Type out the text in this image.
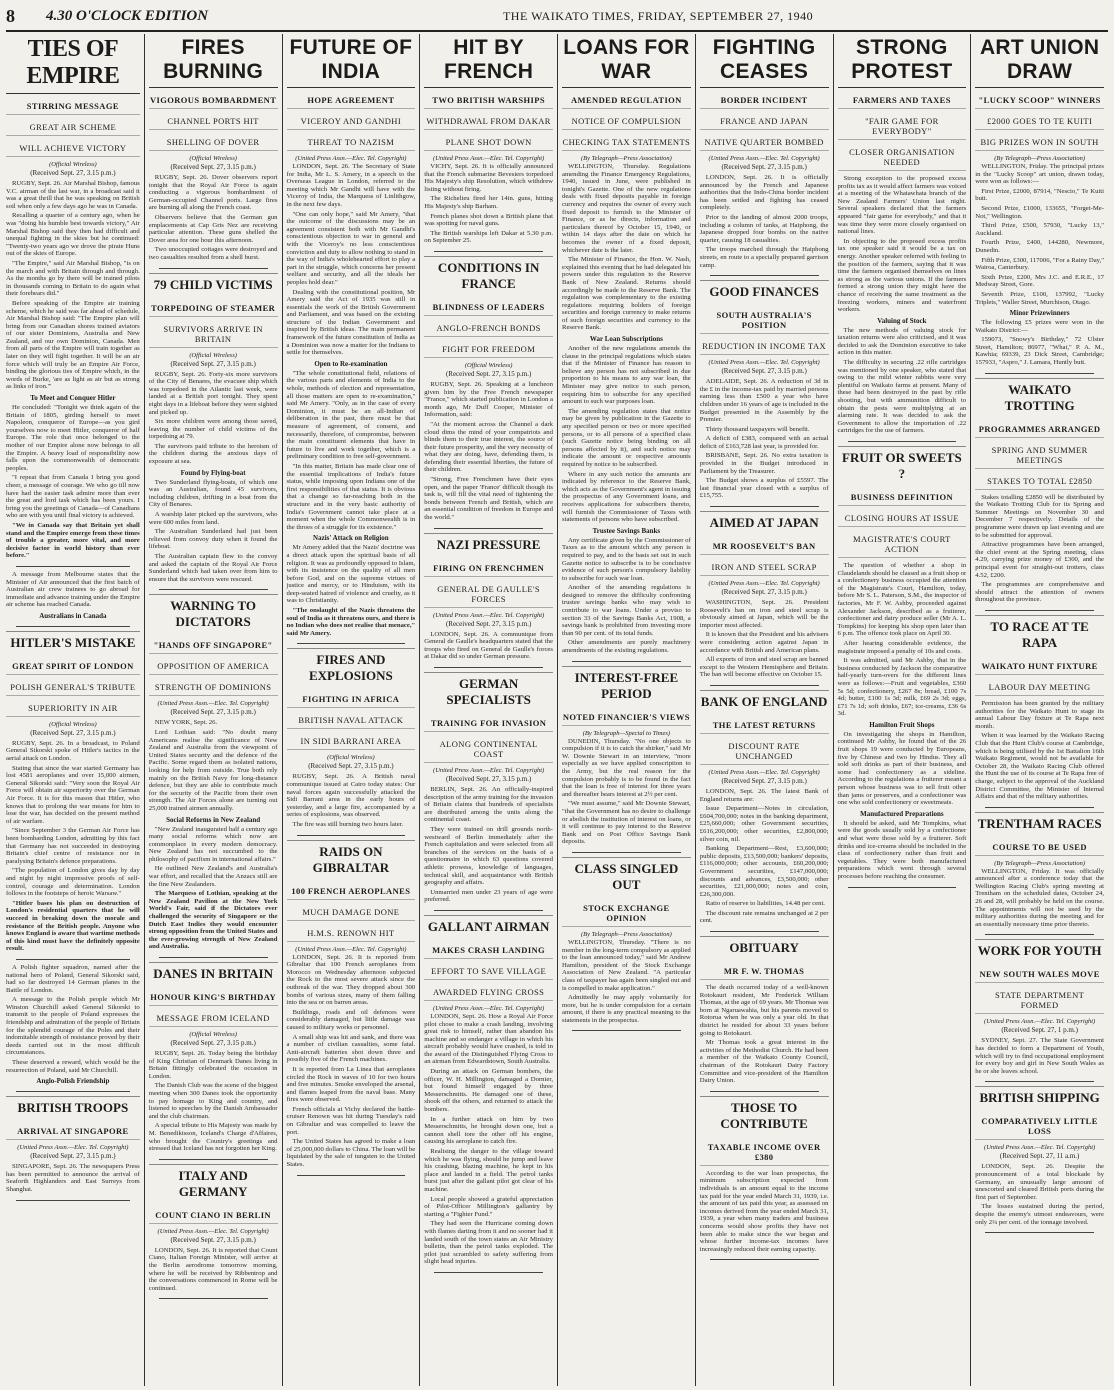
8	4.30 O'CLOCK EDITION	THE WAIKATO TIMES, FRIDAY, SEPTEMBER 27, 1940
TIES OF EMPIRE
STIRRING MESSAGE
GREAT AIR SCHEME
WILL ACHIEVE VICTORY
(Official Wireless)
(Received Sept. 27, 3.15 p.m.)

RUGBY, Sept. 26. Air Marshal Bishop, famous V.C. airman of the last war, in a broadcast said it was a great thrill that he was speaking on British soil when only a few days ago he was in Canada.

Recalling a quarter of a century ago, when he was "doing his humble best towards victory," Air Marshal Bishop said they then had difficult and unequal fighting in the skies but he continued: "Twenty-two years ago we drove the pirate Huns out of the skies of Europe.

"The Empire," said Air Marshal Bishop, "is on the march and with Britain through and through. As the months go by there will be trained pilots in thousands coming to Britain to do again what their forebears did."

Before speaking of the Empire air training scheme, which he said was far ahead of schedule, Air Marshal Bishop said: "The Empire plan will bring from our Canadian shores trained aviators of our sister Dominions, Australia and New Zealand, and our own Dominion, Canada. Men from all parts of the Empire will train together as later on they will fight together. It will be an air force which will truly be an Empire Air Force, binding the glorious ties of Empire which, in the words of Burke, 'are as light as air but as strong as links of iron.'"

To Meet and Conquer Hitler

He concluded: "Tonight we think again of the Britain of 1805, girding herself to meet Napoleon, conqueror of Europe—as you gird yourselves now to meet Hitler, conqueror of half Europe. The role that once belonged to the mother of our Empire alone now belongs to all the Empire. A heavy load of responsibility now falls upon the commonwealth of democratic peoples.

"I repeat that from Canada I bring you good cheer, a message of courage. We who go till now have had the easier task admire more than ever the great and lord task which has been yours. I bring you the greetings of Canada—of Canadians who are with you until final victory is achieved.

"We in Canada say that Britain yet shall stand and the Empire emerge from these times of trouble a greater, more vital, and more decisive factor in world history than ever before."

A message from Melbourne states that the Minister of Air announced that the first batch of Australian air crew trainees to go abroad for immediate and advance training under the Empire air scheme has reached Canada.

Australians in Canada
HITLER'S MISTAKE
GREAT SPIRIT OF LONDON
POLISH GENERAL'S TRIBUTE
SUPERIORITY IN AIR
(Official Wireless)
(Received Sept. 27, 3.15 p.m.)

RUGBY, Sept. 26. In a broadcast, to Poland General Sikorski spoke of Hitler's tactics in the aerial attack on London.

Stating that since the war started Germany has lost 4581 aeroplanes and over 15,000 airmen, General Sikorski said: "Very soon the Royal Air Force will obtain air superiority over the German Air Force. It is for this reason that Hitler, who knows that to prolong the war means for him to lose the war, has decided on the present method of air warfare.

"Since September 3 the German Air Force has been bombarding London, admitting by this fact that Germany has not succeeded in destroying Britain's chief centre of resistance nor in paralysing Britain's defence preparations.

"The population of London gives day by day and night by night impressive proofs of self-control, courage and determination. London follows in the footsteps of heroic Warsaw."

"Hitler bases his plan on destruction of London's residential quarters that he will succeed in breaking down the morale and resistance of the British people. Anyone who knows England is aware that wartime methods of this kind must have the definitely opposite result.

A Polish fighter squadron, named after the national hero of Poland, General Sikorski said, had so far destroyed 14 German planes in the Battle of London.

A message to the Polish people which Mr Winston Churchill asked General Sikorski to transmit to the people of Poland expresses the friendship and admiration of the people of Britain for the splendid courage of the Poles and their indomitable strength of resistance proved by their deeds carried out in the most difficult circumstances.

These deserved a reward, which would be the resurrection of Poland, said Mr Churchill.

Anglo-Polish Friendship
BRITISH TROOPS
ARRIVAL AT SINGAPORE
(United Press Assn.—Elec. Tel. Copyright)
(Received Sept. 27, 3.15 p.m.)

SINGAPORE, Sept. 26. The newspapers Press has been permitted to announce the arrival of Seaforth Highlanders and East Surreys from Shanghai.

FIRES BURNING
VIGOROUS BOMBARDMENT
CHANNEL PORTS HIT
SHELLING OF DOVER
(Official Wireless)
(Received Sept. 27, 3.15 p.m.)

RUGBY, Sept. 26. Dover observers report tonight that the Royal Air Force is again conducting a vigorous bombardment of German-occupied Channel ports. Large fires are burning all along the French coast.

Observers believe that the German gun emplacements at Cap Gris Nez are receiving particular attention. These guns shelled the Dover area for one hour this afternoon.

Two unoccupied cottages were destroyed and two casualties resulted from a shell burst.

79 CHILD VICTIMS
TORPEDOING OF STEAMER
SURVIVORS ARRIVE IN BRITAIN
(Official Wireless)
(Received Sept. 27, 3.15 p.m.)

RUGBY, Sept. 26. Forty-six more survivors of the City of Benares, the evacuee ship which was torpedoed in the Atlantic last week, were landed at a British port tonight. They spent eight days in a lifeboat before they were sighted and picked up.

Six more children were among those saved, leaving the number of child victims of the torpedoing at 79.

The survivors paid tribute to the heroism of the children during the anxious days of exposure at sea.

Found by Flying-boat

Two Sunderland flying-boats, of which one was an Australian, found 45 survivors, including children, drifting in a boat from the City of Benares.

A warship later picked up the survivors, who were 600 miles from land.

The Australian Sunderland had just been relieved from convoy duty when it found the lifeboat.

The Australian captain flew to the convoy and asked the captain of the Royal Air Force Sunderland which had taken over from him to ensure that the survivors were rescued.

WARNING TO DICTATORS
"HANDS OFF SINGAPORE"
OPPOSITION OF AMERICA
STRENGTH OF DOMINIONS
(United Press Assn.—Elec. Tel. Copyright)
(Received Sept. 27, 3.15 p.m.)

NEW YORK, Sept. 26.

Lord Lothian said: "No doubt many Americans realise the significance of New Zealand and Australia from the viewpoint of United States security and the defence of the Pacific. Some regard them as isolated nations, looking for help from outside. True both rely mainly on the British Navy for long-distance defence, but they are able to contribute much for the security of the Pacific from their own strength. The Air Forces alone are turning out 25,000 trained airmen annually.

Social Reforms in New Zealand

"New Zealand inaugurated half a century ago many social reforms which now are commonplace in every modern democracy. New Zealand has not succumbed to the philosophy of pacifism in international affairs."

He outlined New Zealand's and Australia's war effort, and recalled that the Anzacs still are the fine New Zealanders.

The Marquess of Lothian, speaking at the New Zealand Pavilion at the New York World's Fair, said if the Dictators ever challenged the security of Singapore or the Dutch East Indies they would encounter strong opposition from the United States and the ever-growing strength of New Zealand and Australia.

DANES IN BRITAIN
HONOUR KING'S BIRTHDAY
MESSAGE FROM ICELAND
(Official Wireless)
(Received Sept. 27, 3.15 p.m.)

RUGBY, Sept. 26. Today being the birthday of King Christian of Denmark Danes living in Britain fittingly celebrated the occasion in London.

The Danish Club was the scene of the biggest meeting when 300 Danes took the opportunity to pay homage to King and country, and listened to speeches by the Danish Ambassador and the club chairman.

A special tribute to His Majesty was made by M. Benediktsson, Iceland's Charge d'Affaires, who brought the Country's greetings and stressed that Iceland has not forgotten her King.

ITALY AND GERMANY
COUNT CIANO IN BERLIN
(United Press Assn.—Elec. Tel. Copyright)
(Received Sept. 27, 3.15 p.m.)

LONDON, Sept. 26. It is reported that Count Ciano, Italian Foreign Minister, will arrive at the Berlin aerodrome tomorrow morning, where he will be received by Ribbentrop and the conversations commenced in Rome will be continued.

FUTURE OF INDIA
HOPE AGREEMENT
VICEROY AND GANDHI
THREAT TO NAZISM
(United Press Assn.—Elec. Tel. Copyright)

LONDON, Sept. 26. The Secretary of State for India, Mr L. S. Amery, in a speech to the Overseas League in London, referred to the meeting which Mr Gandhi will have with the Viceroy of India, the Marquess of Linlithgow, in the next few days.

"One can only hope," said Mr Amery, "that the outcome of the discussions may be an agreement consistent both with Mr Gandhi's conscientious objection to war in general and with the Viceroy's no less conscientious conviction and duty to allow nothing to stand in the way of India's wholehearted effort to play a part in the struggle, which concerns her present welfare and security, and all the ideals her peoples hold dear."

Dealing with the constitutional position, Mr Amery said the Act of 1935 was still in essentials the work of the British Government and Parliament, and was based on the existing structure of the Indian Government and inspired by British ideas. The main permanent framework of the future constitution of India as a Dominion was now a matter for the Indians to settle for themselves.

Open to Re-examination

"The whole constitutional field, relations of the various parts and elements of India to the whole, methods of election and representation, all those matters are open to re-examination," said Mr Amery. "Only, as in the case of every Dominion, it must be an all-Indian of deliberation in the past, there must be that measure of agreement, of consent, and necessarily, therefore, of compromise, between the main constituent elements that have in future to live and work together, which is a preliminary condition to free self-government.

"In this matter, Britain has made clear one of the essential implications of India's future status, while imposing upon Indians one of the first responsibilities of that status. It is obvious that a change so far-reaching both in the structure and in the very basic authority of India's Government cannot take place at a moment when the whole Commonwealth is in the throes of a struggle for its existence."

Nazis' Attack on Religion

Mr Amery added that the Nazis' doctrine was a direct attack upon the spiritual basis of all religion. It was as profoundly opposed to Islam, with its insistence on the quality of all men before God, and on the supreme virtues of justice and mercy, or to Hinduism, with its deep-seated hatred of violence and cruelty, as it was to Christianity.

"The onslaught of the Nazis threatens the soul of India as it threatens ours, and there is no Indian who does not realise that menace," said Mr Amery.

FIRES AND EXPLOSIONS
FIGHTING IN AFRICA
BRITISH NAVAL ATTACK
IN SIDI BARRANI AREA
(Official Wireless)
(Received Sept. 27, 3.15 p.m.)

RUGBY, Sept. 26. A British naval communique issued at Cairo today states: Our naval forces again successfully attacked the Sidi Barrani area in the early hours of yesterday, and a large fire, accompanied by a series of explosions, was observed.

The fire was still burning two hours later.

RAIDS ON GIBRALTAR
100 FRENCH AEROPLANES
MUCH DAMAGE DONE
H.M.S. RENOWN HIT
(United Press Assn.—Elec. Tel. Copyright)

LONDON, Sept. 26. It is reported from Gibraltar that 100 French aeroplanes from Morocco on Wednesday afternoon subjected the Rock to the most severe attack since the outbreak of the war. They dropped about 300 bombs of various sizes, many of them falling into the sea or on barren areas.

Buildings, roads and oil defences were considerably damaged, but little damage was caused to military works or personnel.

A small ship was hit and sank, and there was a number of civilian casualties, some fatal. Anti-aircraft batteries shot down three and possibly five of the French machines.

It is reported from La Linea that aeroplanes circled the Rock in waves of 10 for two hours and five minutes. Smoke enveloped the arsenal, and flames leaped from the naval base. Many fires were observed.

French officials at Vichy declared the battle-cruiser Renown was hit during Tuesday's raid on Gibraltar and was compelled to leave the port.

The United States has agreed to make a loan of 25,000,000 dollars to China. The loan will be liquidated by the sale of tungsten to the United States.

HIT BY FRENCH
TWO BRITISH WARSHIPS
WITHDRAWAL FROM DAKAR
PLANE SHOT DOWN
(United Press Assn.—Elec. Tel. Copyright)

VICHY, Sept. 26. It is officially announced that the French submarine Bevesiers torpedoed His Majesty's ship Resolution, which withdrew listing without firing.

The Richelieu fired her 14in. guns, hitting His Majesty's ship Barham.

French planes shot down a British plane that was spotting for naval guns.

The British warships left Dakar at 5.30 p.m. on September 25.

CONDITIONS IN FRANCE
BLINDNESS OF LEADERS
ANGLO-FRENCH BONDS
FIGHT FOR FREEDOM
(Official Wireless)
(Received Sept. 27, 3.15 p.m.)

RUGBY, Sept. 26. Speaking at a luncheon given him by the Free French newspaper "France," which started publication in London a month ago, Mr Duff Cooper, Minister of Information, said:

"At the moment across the Channel a dark cloud dims the mind of your compatriots and blinds them to their true interest, the source of their future prosperity, and the very necessity of what they are doing, have, defending them, is defending their essential liberties, the future of their children.

"Strong, Free Frenchmen have their eyes open, and the paper 'France' difficult though its task is, will fill the vital need of tightening the bonds between French and British, which are an essential condition of freedom in Europe and the world."

NAZI PRESSURE
FIRING ON FRENCHMEN
GENERAL DE GAULLE'S FORCES
(United Press Assn.—Elec. Tel. Copyright)
(Received Sept. 27, 3.15 p.m.)

LONDON, Sept. 26. A communique from General de Gaulle's headquarters stated that the troops who fired on General de Gaulle's forces at Dakar did so under German pressure.

GERMAN SPECIALISTS
TRAINING FOR INVASION
ALONG CONTINENTAL COAST
(United Press Assn.—Elec. Tel. Copyright)
(Received Sept. 27, 3.15 p.m.)

BERLIN, Sept. 26. An officially-inspired description of the army training for the invasion of Britain claims that hundreds of specialists are distributed among the units along the continental coast.

They were trained on drill grounds north-westward of Berlin immediately after the French capitulation and were selected from all branches of the services on the basis of a questionnaire in which 63 questions covered athletic prowess, knowledge of languages, technical skill, and acquaintance with British geography and affairs.

Unmarried men under 23 years of age were preferred.

GALLANT AIRMAN
MAKES CRASH LANDING
EFFORT TO SAVE VILLAGE
AWARDED FLYING CROSS
(United Press Assn.—Elec. Tel. Copyright)

LONDON, Sept. 26. How a Royal Air Force pilot chose to make a crash landing, involving great risk to himself, rather than abandon his machine and so endanger a village in which his aircraft probably would have crashed, is told in the award of the Distinguished Flying Cross to an airman from Edwardstown, South Australia.

During an attack on German bombers, the officer, W. H. Millington, damaged a Dornier, but found himself engaged by three Messerschmitts. He damaged one of these, shook off the others, and returned to attack the bombers.

In a further attack on him by two Messerschmitts, he brought down one, but a cannon shell tore the other off his engine, causing his aeroplane to catch fire.

Realising the danger to the village toward which he was flying, should he jump and leave his crashing, blazing machine, he kept in his place and landed in a field. The petrol tanks burst just after the gallant pilot got clear of his machine.

Local people showed a grateful appreciation of Pilot-Officer Millington's gallantry by starting a "Fighter Fund."

They had seen the Hurricane coming down with flames darting from it and no sooner had it landed south of the town states an Air Ministry bulletin, than the petrol tanks exploded. The pilot just scrambled to safety suffering from slight head injuries.

LOANS FOR WAR
AMENDED REGULATION
NOTICE OF COMPULSION
CHECKING TAX STATEMENTS
(By Telegraph—Press Association)

WELLINGTON, Thursday. Regulations amending the Finance Emergency Regulations, 1940, issued in June, were published in tonight's Gazette. One of the new regulations deals with fixed deposits payable in foreign currency and requires the owner of every such fixed deposit to furnish to the Minister of Finance, or as he directs, information and particulars thereof by October 15, 1940, or within 14 days after the date on which he becomes the owner of a fixed deposit, whichever date is the later.

The Minister of Finance, the Hon. W. Nash, explained this evening that he had delegated his powers under this regulation to the Reserve Bank of New Zealand. Returns should accordingly be made to the Reserve Bank. The regulation was complementary to the existing regulations requiring holders of foreign securities and foreign currency to make returns of such foreign securities and currency to the Reserve Bank.

War Loan Subscriptions

Another of the new regulations amends the clause in the principal regulations which states that if the Minister of Finance has reason to believe any person has not subscribed in due proportion to his means to any war loan, the Minister may give notice to such person, requiring him to subscribe for any specified amount to such war purposes loan.

The amending regulation states that notice may be given by publication in the Gazette to any specified person or two or more specified persons, or to all persons of a specified class (such Gazette notice being binding on all persons affected by it), and such notice may indicate the amount or respective amounts required by notice to be subscribed.

Where in any such notice the amounts are indicated by reference to the Reserve Bank, which acts as the Government's agent in issuing the prospectus of any Government loans, and receives applications for subscribers thereto, will furnish the Commissioner of Taxes with statements of persons who have subscribed.

Trustee Savings Banks

Any certificate given by the Commissioner of Taxes as to the amount which any person is required to pay, and to the basis set out in such Gazette notice to subscribe is to be conclusive evidence of such person's compulsory liability to subscribe for such war loan.

Another of the amending regulations is designed to remove the difficulty confronting trustee savings banks who may wish to contribute to war loans. Under a proviso to section 33 of the Savings Banks Act, 1908, a savings bank is prohibited from investing more than 90 per cent. of its total funds.

Other amendments are purely machinery amendments of the existing regulations.

INTEREST-FREE PERIOD
NOTED FINANCIER'S VIEWS
(By Telegraph—Special to Times)

DUNEDIN, Thursday. "No one objects to compulsion if it is to catch the shirker," said Mr W. Downie Stewart in an interview, "more especially as we have applied conscription to the Army, but the real reason for the compulsion probably is to be found in the fact that the loan is free of interest for three years and thereafter bears interest at 2½ per cent.

"We must assume," said Mr Downie Stewart, "that the Government has no desire to challenge or abolish the institution of interest on loans, or it will continue to pay interest to the Reserve Bank and on Post Office Savings Bank deposits.

CLASS SINGLED OUT
STOCK EXCHANGE OPINION
(By Telegraph—Press Association)

WELLINGTON, Thursday. "There is no member in the long-term compulsory as applied to the loan announced today," said Mr Andrew Hamilton, president of the Stock Exchange Association of New Zealand. "A particular class of taxpayer has again been singled out and is compelled to make application."

Admittedly he may apply voluntarily for more, but he is under compulsion for a certain amount, if there is any practical meaning to the statements in the prospectus.

FIGHTING CEASES
BORDER INCIDENT
FRANCE AND JAPAN
NATIVE QUARTER BOMBED
(United Press Assn.—Elec. Tel. Copyright)
(Received Sept. 27, 3.15 p.m.)

LONDON, Sept. 26. It is officially announced by the French and Japanese authorities that the Indo-China border incident has been settled and fighting has ceased completely.

Prior to the landing of almost 2000 troops, including a column of tanks, at Haiphong, the Japanese dropped four bombs on the native quarter, causing 18 casualties.

The troops marched through the Haiphong streets, en route to a specially prepared garrison camp.

GOOD FINANCES
SOUTH AUSTRALIA'S POSITION
REDUCTION IN INCOME TAX
(United Press Assn.—Elec. Tel. Copyright)
(Received Sept. 27, 3.15 p.m.)

ADELAIDE, Sept. 26. A reduction of 3d in the £ in the income-tax paid by married persons earning less than £500 a year who have children under 16 years of age is included in the Budget presented in the Assembly by the Premier.

Thirty thousand taxpayers will benefit.

A deficit of £383, compared with an actual deficit of £163,728 last year, is provided for.

BRISBANE, Sept. 26. No extra taxation is provided in the Budget introduced in Parliament by the Treasurer.

The Budget shows a surplus of £5597. The last financial year closed with a surplus of £15,755.

AIMED AT JAPAN
MR ROOSEVELT'S BAN
IRON AND STEEL SCRAP
(United Press Assn.—Elec. Tel. Copyright)
(Received Sept. 27, 3.15 p.m.)

WASHINGTON, Sept. 26. President Roosevelt's ban on iron and steel scrap is obviously aimed at Japan, which will be the importer most affected.

It is known that the President and his advisers were considering action against Japan in accordance with British and American plans.

All exports of iron and steel scrap are banned except to the Western Hemisphere and Britain. The ban will become effective on October 15.

BANK OF ENGLAND
THE LATEST RETURNS
DISCOUNT RATE UNCHANGED
(United Press Assn.—Elec. Tel. Copyright)
(Received Sept. 27, 3.15 p.m.)

LONDON, Sept. 26. The latest Bank of England returns are:

Issue Department—Notes in circulation, £604,700,000; notes in the banking department, £25,660,000; other Government securities, £616,200,000; other securities, £2,800,000; silver coin, nil.

Banking Department—Rest, £3,600,000; public deposits, £13,500,000; bankers' deposits, £116,000,000; other accounts, £60,200,000; Government securities, £147,000,000; discounts and advances, £3,500,000; other securities, £21,000,000; notes and coin, £26,300,000.

Ratio of reserve to liabilities, 14.48 per cent.

The discount rate remains unchanged at 2 per cent.

OBITUARY
MR F. W. THOMAS

The death occurred today of a well-known Rotokauri resident, Mr Frederick William Thomas, at the age of 69 years. Mr Thomas was born at Ngaruawahia, but his parents moved to Rotorua when he was only a year old. In that district he resided for about 33 years before going to Rotokauri.

Mr Thomas took a great interest in the activities of the Methodist Church. He had been a member of the Waikato County Council, chairman of the Rotokauri Dairy Factory Committee and vice-president of the Hamilton Dairy Union.

THOSE TO CONTRIBUTE
TAXABLE INCOME OVER £380

According to the war loan prospectus, the minimum subscription expected from individuals is an amount equal to the income tax paid for the year ended March 31, 1939, i.e. the amount of tax paid this year, as assessed on incomes derived from the year ended March 31, 1939, a year when many traders and business concerns would show profits they have not been able to make since the war began and whose further income-tax incomes have increasingly reduced their earning capacity.

STRONG PROTEST
FARMERS AND TAXES
"FAIR GAME FOR EVERYBODY"
CLOSER ORGANISATION NEEDED

Strong exception to the proposed excess profits tax as it would affect farmers was voiced at a meeting of the Whatawhata branch of the New Zealand Farmers' Union last night. Several speakers declared that the farmers appeared "fair game for everybody," and that it was time they were more closely organised on national lines.

In objecting to the proposed excess profits tax one speaker said it would be a tax on energy. Another speaker referred with feeling to the position of the farmers, saying that it was time the farmers organised themselves on lines as strong as the various unions. If the farmers formed a strong union they might have the chance of receiving the same treatment as the freezing workers, miners and waterfront workers.

Valuing of Stock

The new methods of valuing stock for taxation returns were also criticised, and it was decided to ask the Dominion executive to take action in this matter.

The difficulty in securing .22 rifle cartridges was mentioned by one speaker, who stated that owing to the mild winter rabbits were very plentiful on Waikato farms at present. Many of these had been destroyed in the past by rifle shooting, but with ammunition difficult to obtain the pests were multiplying at an alarming rate. It was decided to ask the Government to allow the importation of .22 cartridges for the use of farmers.

FRUIT OR SWEETS ?
BUSINESS DEFINITION
CLOSING HOURS AT ISSUE
MAGISTRATE'S COURT ACTION

The question of whether a shop in Claudelands should be classed as a fruit shop or a confectionery business occupied the attention of the Magistrate's Court, Hamilton, today, before Mr S. L. Paterson, S.M., the inspector of factories, Mr F. W. Ashby, proceeded against Alexander Jackson, described as a fruiterer, confectioner and dairy produce seller (Mr A. L. Tompkins) for keeping his shop open later than 6 p.m. The offence took place on April 30.

After hearing considerable evidence, the magistrate imposed a penalty of 10s and costs.

It was admitted, said Mr Ashby, that in the business conducted by Jackson the comparative half-yearly turn-overs for the different lines were as follows:—Fruit and vegetables, £360 5s 5d; confectionery, £267 8s; bread, £100 7s 4d; butter, £100 1s 3d; milk, £69 2s 3d; eggs, £71 7s 1d; soft drinks, £67; ice-creams, £36 6s 3d.

Hamilton Fruit Shops

On investigating the shops in Hamilton, continued Mr Ashby, he found that of the 26 fruit shops 19 were conducted by Europeans, five by Chinese and two by Hindus. They all sold soft drinks as part of their business, and some had confectionery as a sideline. According to the regulations a fruiterer meant a person whose business was to sell fruit other than jams or preserves, and a confectioner was one who sold confectionery or sweetmeats.

Manufactured Preparations

It should be asked, said Mr Tompkins, what were the goods usually sold by a confectioner and what were those sold by a fruiterer. Soft drinks and ice-creams should be included in the class of confectionery rather than fruit and vegetables. They were both manufactured preparations which went through several processes before reaching the consumer.

ART UNION DRAW
"LUCKY SCOOP" WINNERS
£2000 GOES TO TE KUITI
BIG PRIZES WON IN SOUTH
(By Telegraph—Press Association)

WELLINGTON, Friday. The principal prizes in the "Lucky Scoop" art union, drawn today, were won as follows:—

First Prize, £2000, 87914, "Nescio," Te Kuiti butt.

Second Prize, £1000, 133655, "Forget-Me-Not," Wellington.

Third Prize, £500, 57930, "Lucky 13," Auckland.

Fourth Prize, £400, 144280, Newmore, Dunedin.

Fifth Prize, £300, 117006, "For a Rainy Day," Wairoa, Canterbury.

Sixth Prize, £200, Mrs J.C. and E.R.E., 17 Medway Street, Gore.

Seventh Prize, £100, 137992, "Lucky Triplets," Waller Street, Murchison, Otago.

Minor Prizewinners

The following £5 prizes were won in the Waikato District:—

159073, "Snowy's Birthday," 72 Ulster Street, Hamilton; 86977, "What," P. A. M., Kawhia; 69339, 23 Dick Street, Cambridge; 157933, "Aspro," J. Lamara, Huntly butt.

WAIKATO TROTTING
PROGRAMMES ARRANGED
SPRING AND SUMMER MEETINGS
STAKES TO TOTAL £2850

Stakes totalling £2850 will be distributed by the Waikato Trotting Club for its Spring and Summer Meetings on November 30 and December 7 respectively. Details of the programme were drawn up last evening and are to be submitted for approval.

Attractive programmes have been arranged, the chief event at the Spring meeting, class 4.29, carrying prize money of £300, and the principal event for straight-out trotters, class 4.52, £200.

The programmes are comprehensive and should attract the attention of owners throughout the province.

TO RACE AT TE RAPA
WAIKATO HUNT FIXTURE
LABOUR DAY MEETING

Permission has been granted by the military authorities for the Waikato Hunt to stage its annual Labour Day fixture at Te Rapa next month.

When it was learned by the Waikato Racing Club that the Hunt Club's course at Cambridge, which is being utilised by the 1st Battalion 16th Waikato Regiment, would not be available for October 28, the Waikato Racing Club offered the Hunt the use of its course at Te Rapa free of charge, subject to the approval of the Auckland District Committee, the Minister of Internal Affairs and that of the military authorities.

TRENTHAM RACES
COURSE TO BE USED
(By Telegraph—Press Association)

WELLINGTON, Friday. It was officially announced after a conference today that the Wellington Racing Club's spring meeting at Trentham on the scheduled dates, October 24, 26 and 28, will probably be held on the course. The appointments will not be used by the military authorities during the meeting and for an essentially necessary time prior thereto.

WORK FOR YOUTH
NEW SOUTH WALES MOVE
STATE DEPARTMENT FORMED
(United Press Assn.—Elec. Tel. Copyright)
(Received Sept. 27, 1 p.m.)

SYDNEY, Sept. 27. The State Government has decided to form a Department of Youth, which will try to find occupational employment for every boy and girl in New South Wales as he or she leaves school.

BRITISH SHIPPING
COMPARATIVELY LITTLE LOSS
(United Press Assn.—Elec. Tel. Copyright)
(Received Sept. 27, 11 a.m.)

LONDON, Sept. 26. Despite the pronouncement of a total blockade by Germany, an unusually large amount of unescorted and cleared British ports during the first part of September.

The losses sustained during the period, despite the enemy's utmost endeavours, were only 2¼ per cent. of the tonnage involved.
